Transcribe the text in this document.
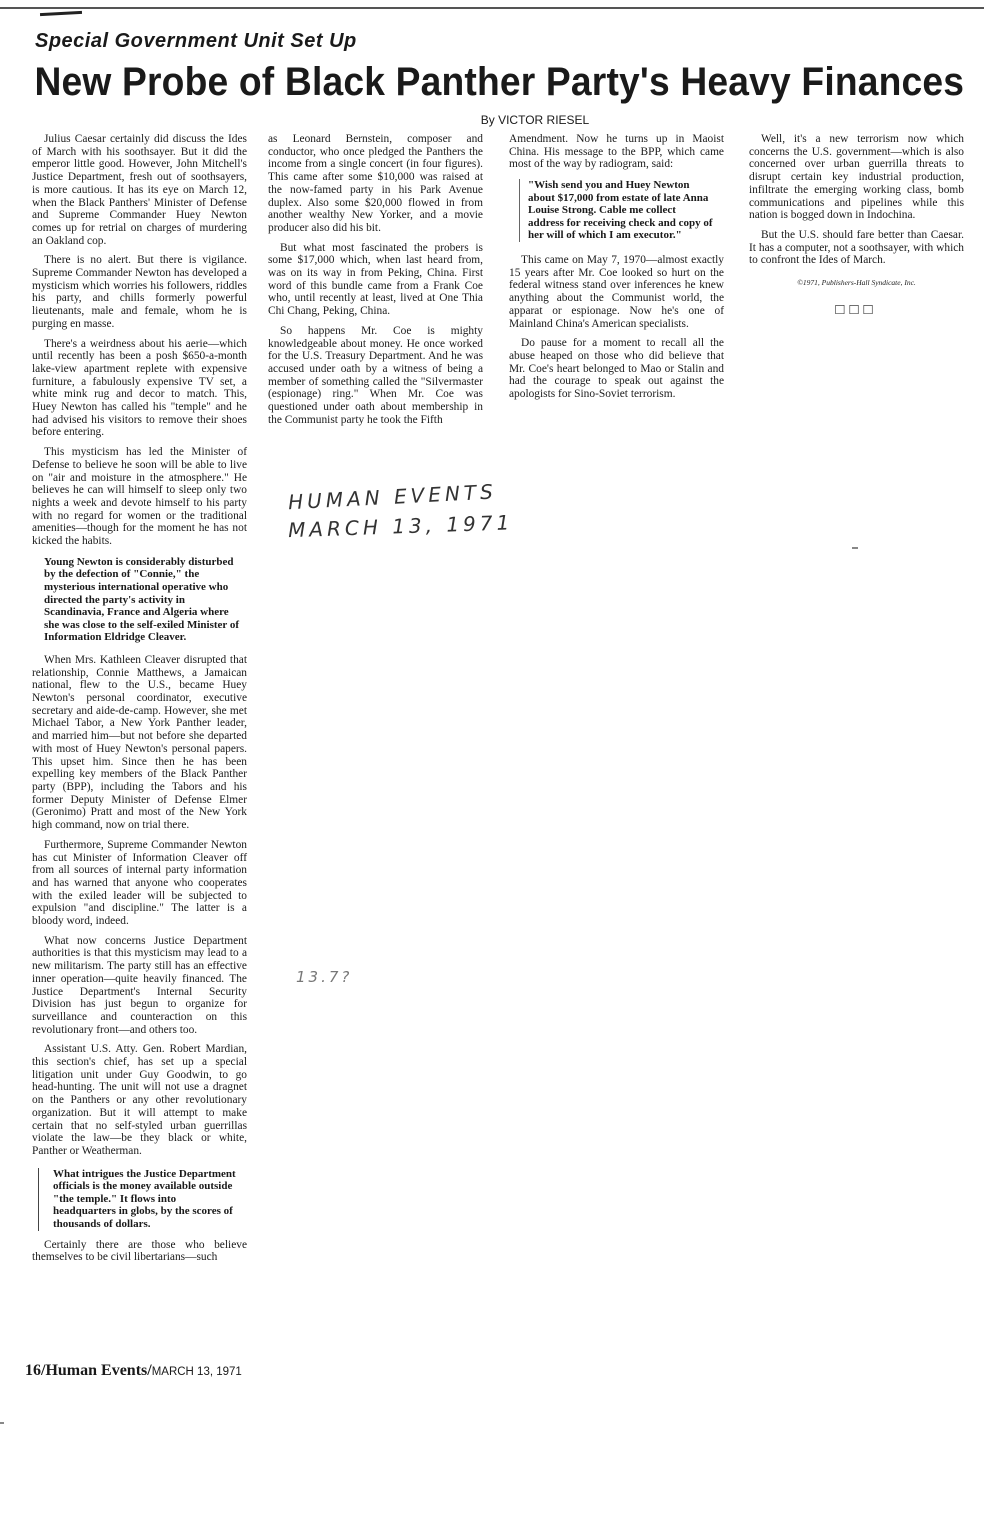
Special Government Unit Set Up
New Probe of Black Panther Party's Heavy Finances
By VICTOR RIESEL

Julius Caesar certainly did discuss the Ides of March with his soothsayer. But it did the emperor little good. However, John Mitchell's Justice Department, fresh out of soothsayers, is more cautious. It has its eye on March 12, when the Black Panthers' Minister of Defense and Supreme Commander Huey Newton comes up for retrial on charges of murdering an Oakland cop.

There is no alert. But there is vigilance. Supreme Commander Newton has developed a mysticism which worries his followers, riddles his party, and chills formerly powerful lieutenants, male and female, whom he is purging en masse.

There's a weirdness about his aerie—which until recently has been a posh $650-a-month lake-view apartment replete with expensive furniture, a fabulously expensive TV set, a white mink rug and decor to match. This, Huey Newton has called his "temple" and he had advised his visitors to remove their shoes before entering.

This mysticism has led the Minister of Defense to believe he soon will be able to live on "air and moisture in the atmosphere." He believes he can will himself to sleep only two nights a week and devote himself to his party with no regard for women or the traditional amenities—though for the moment he has not kicked the habits.

Young Newton is considerably disturbed by the defection of "Connie," the mysterious international operative who directed the party's activity in Scandinavia, France and Algeria where she was close to the self-exiled Minister of Information Eldridge Cleaver.

When Mrs. Kathleen Cleaver disrupted that relationship, Connie Matthews, a Jamaican national, flew to the U.S., became Huey Newton's personal coordinator, executive secretary and aide-de-camp. However, she met Michael Tabor, a New York Panther leader, and married him—but not before she departed with most of Huey Newton's personal papers. This upset him. Since then he has been expelling key members of the Black Panther party (BPP), including the Tabors and his former Deputy Minister of Defense Elmer (Geronimo) Pratt and most of the New York high command, now on trial there.

Furthermore, Supreme Commander Newton has cut Minister of Information Cleaver off from all sources of internal party information and has warned that anyone who cooperates with the exiled leader will be subjected to expulsion "and discipline." The latter is a bloody word, indeed.

What now concerns Justice Department authorities is that this mysticism may lead to a new militarism. The party still has an effective inner operation—quite heavily financed. The Justice Department's Internal Security Division has just begun to organize for surveillance and counteraction on this revolutionary front—and others too.

Assistant U.S. Atty. Gen. Robert Mardian, this section's chief, has set up a special litigation unit under Guy Goodwin, to go head-hunting. The unit will not use a dragnet on the Panthers or any other revolutionary organization. But it will attempt to make certain that no self-styled urban guerrillas violate the law—be they black or white, Panther or Weatherman.

What intrigues the Justice Department officials is the money available outside "the temple." It flows into headquarters in globs, by the scores of thousands of dollars.

Certainly there are those who believe themselves to be civil libertarians—such

as Leonard Bernstein, composer and conductor, who once pledged the Panthers the income from a single concert (in four figures). This came after some $10,000 was raised at the now-famed party in his Park Avenue duplex. Also some $20,000 flowed in from another wealthy New Yorker, and a movie producer also did his bit.

But what most fascinated the probers is some $17,000 which, when last heard from, was on its way in from Peking, China. First word of this bundle came from a Frank Coe who, until recently at least, lived at One Thia Chi Chang, Peking, China.

So happens Mr. Coe is mighty knowledgeable about money. He once worked for the U.S. Treasury Department. And he was accused under oath by a witness of being a member of something called the "Silvermaster (espionage) ring." When Mr. Coe was questioned under oath about membership in the Communist party he took the Fifth

Amendment. Now he turns up in Maoist China. His message to the BPP, which came most of the way by radiogram, said:

"Wish send you and Huey Newton about $17,000 from estate of late Anna Louise Strong. Cable me collect address for receiving check and copy of her will of which I am executor."

This came on May 7, 1970—almost exactly 15 years after Mr. Coe looked so hurt on the federal witness stand over inferences he knew anything about the Communist world, the apparat or espionage. Now he's one of Mainland China's American specialists.

Do pause for a moment to recall all the abuse heaped on those who did believe that Mr. Coe's heart belonged to Mao or Stalin and had the courage to speak out against the apologists for Sino-Soviet terrorism.

Well, it's a new terrorism now which concerns the U.S. government—which is also concerned over urban guerrilla threats to disrupt certain key industrial production, infiltrate the emerging working class, bomb communications and pipelines while this nation is bogged down in Indochina.

But the U.S. should fare better than Caesar. It has a computer, not a soothsayer, with which to confront the Ides of March.

©1971, Publishers-Hall Syndicate, Inc.
□□□
HUMAN EVENTS
MARCH 13, 1971
13.7?
16/Human Events/MARCH 13, 1971
